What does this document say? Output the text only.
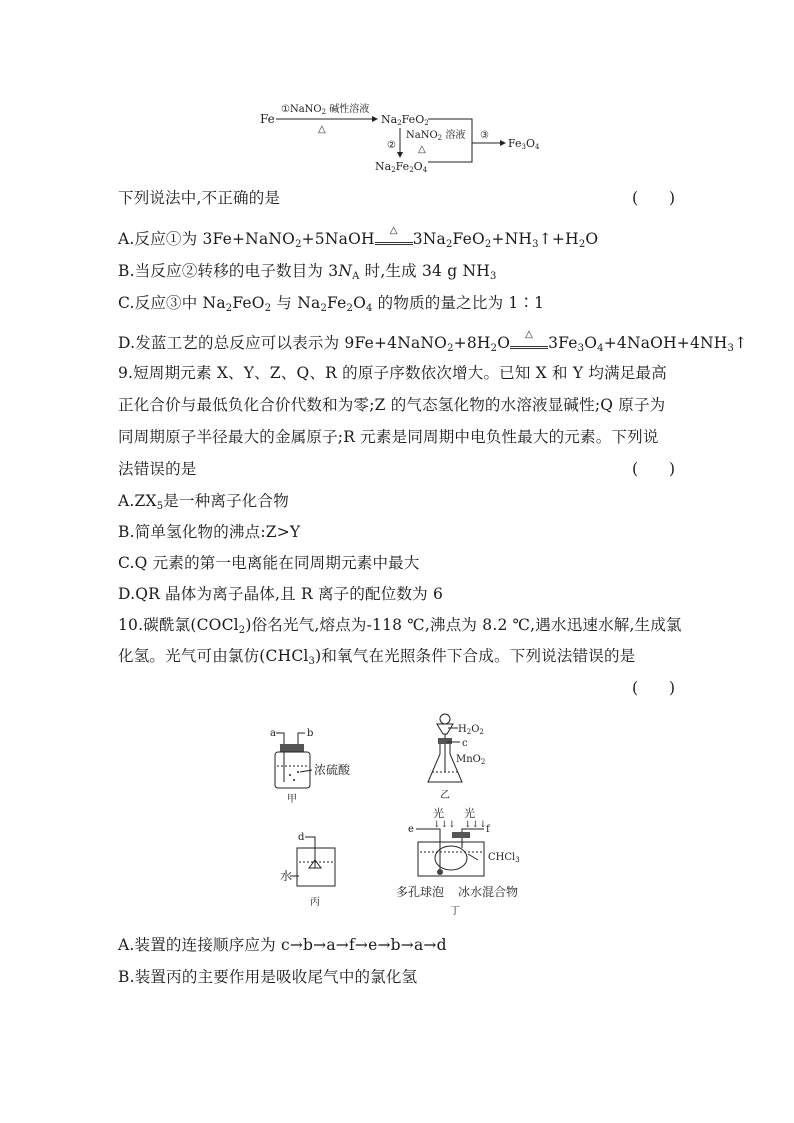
Fe
①NaNO$_2$ 碱性溶液
△
Na2FeO2
②
NaNO$_2$ 溶液
△
Na2Fe2O4
③
Fe3O4
下列说法中,不正确的是	(　　)
A.反应①为 3Fe+NaNO$_2$+5NaOH	△ $3Na_2FeO_2+NH_3↑+H_2O$
B.当反应②转移的电子数目为 $3N_A$ 时,生成 34 g $NH_3$
C.反应③中 $Na_2FeO_2$ 与 $Na_2Fe_2O_4$ 的物质的量之比为 1∶1
D.发蓝工艺的总反应可以表示为 $9Fe+4NaNO_2+8H_2O$	△ $3Fe_3O_4+4NaOH+4NH_3↑$
9.短周期元素 X、Y、Z、Q、R 的原子序数依次增大。已知 X 和 Y 均满足最高
正化合价与最低负化合价代数和为零;Z 的气态氢化物的水溶液显碱性;Q 原子为
同周期原子半径最大的金属原子;R 元素是同周期中电负性最大的元素。下列说
法错误的是	(　　)
$A.ZX_5$是一种离子化合物
B.简单氢化物的沸点:Z>Y
C.Q 元素的第一电离能在同周期元素中最大
D.QR 晶体为离子晶体,且 R 离子的配位数为 6
10.碳酰氯(COCl$_2$)俗名光气,熔点为-118 ℃,沸点为 8.2 ℃,遇水迅速水解,生成氯
化氢。光气可由氯仿(CHCl$_3$)和氧气在光照条件下合成。下列说法错误的是
(　　)
a	b
浓硫酸
甲
$H_2O_2$
c
MnO$_2$
乙
d
水
丙
光 光
↓↓↓ ↓↓↓
e	f
CHCl$_3$
多孔球泡 冰水混合物
丁
A.装置的连接顺序应为 c→b→a→f→e→b→a→d
B.装置丙的主要作用是吸收尾气中的氯化氢
